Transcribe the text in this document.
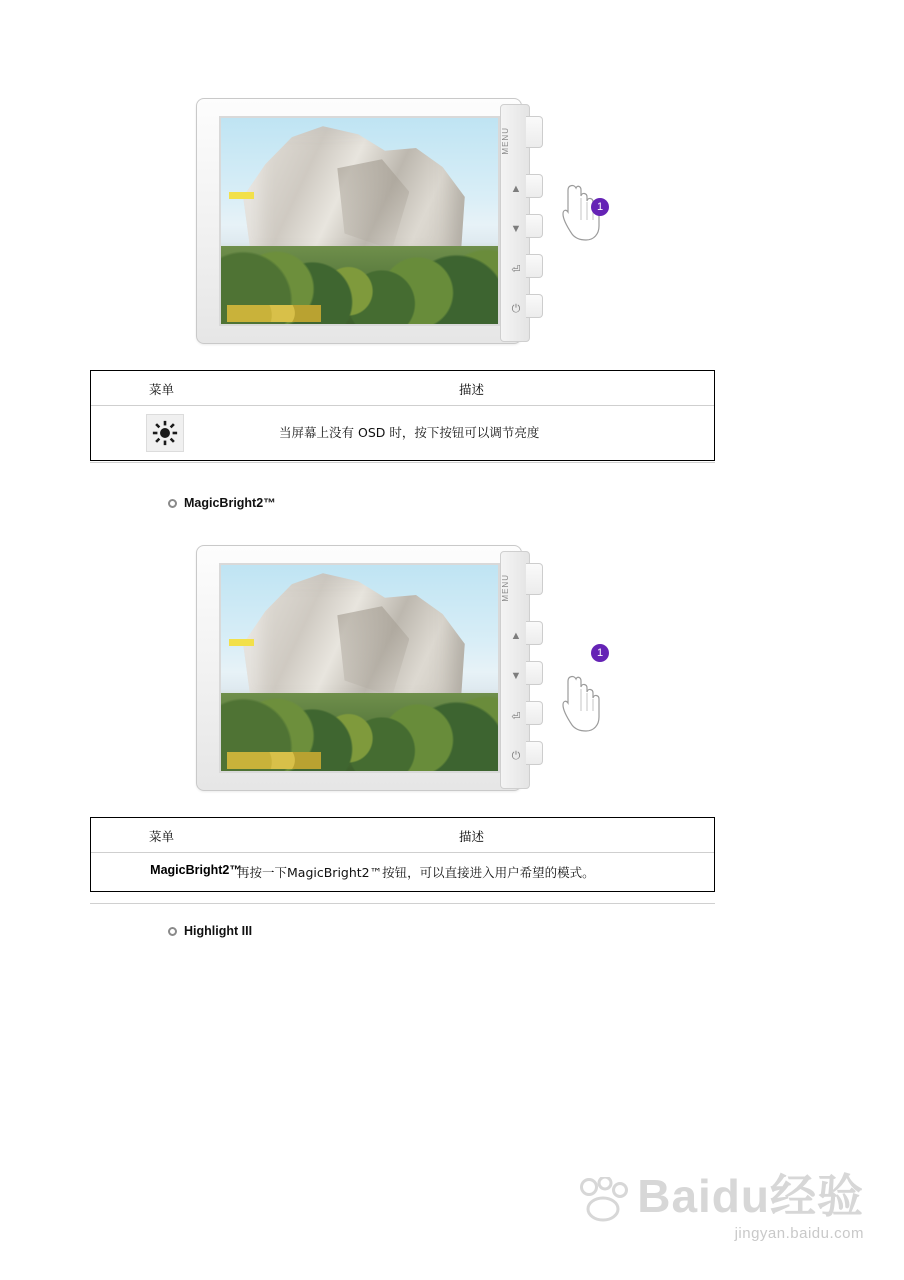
MENU
▲
▼
⏎
⏻
1
菜单	描述
当屏幕上没有 OSD 时，按下按钮可以调节亮度
MagicBright2™
MENU
▲
▼
⏎
⏻
1
菜单	描述
MagicBright2™
再按一下MagicBright2™按钮，可以直接进入用户希望的模式。
Highlight III
Baidu经验
jingyan.baidu.com
